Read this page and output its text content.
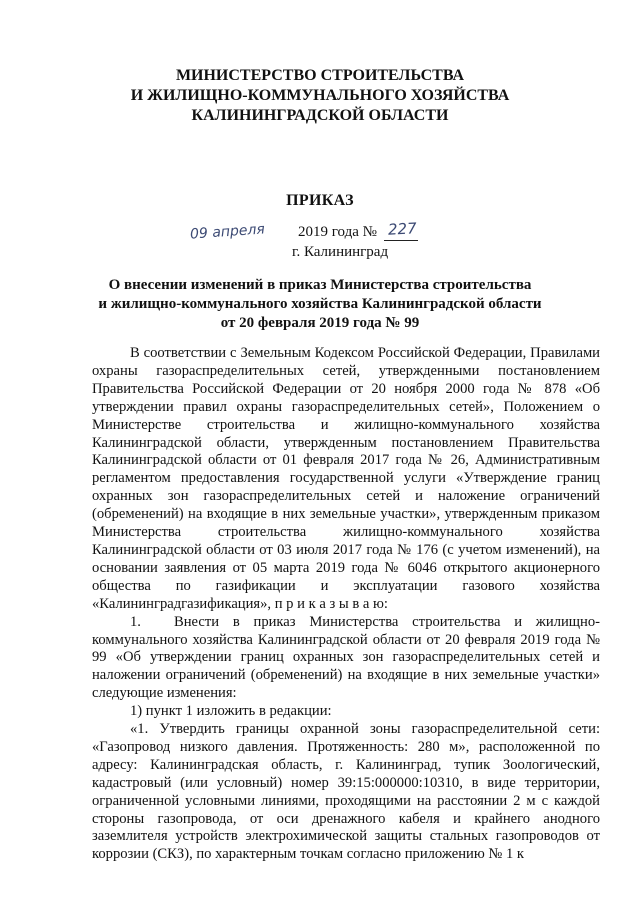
МИНИСТЕРСТВО СТРОИТЕЛЬСТВА
И ЖИЛИЩНО-КОММУНАЛЬНОГО ХОЗЯЙСТВА
КАЛИНИНГРАДСКОЙ ОБЛАСТИ
ПРИКАЗ
09 апреля 2019 года № 227
г. Калининград
О внесении изменений в приказ Министерства строительства
и жилищно-коммунального хозяйства Калининградской области
от 20 февраля 2019 года № 99

В соответствии с Земельным Кодексом Российской Федерации, Правилами охраны газораспределительных сетей, утвержденными постановлением Правительства Российской Федерации от 20 ноября 2000 года № 878 «Об утверждении правил охраны газораспределительных сетей», Положением о Министерстве строительства и жилищно-коммунального хозяйства Калининградской области, утвержденным постановлением Правительства Калининградской области от 01 февраля 2017 года № 26, Административным регламентом предоставления государственной услуги «Утверждение границ охранных зон газораспределительных сетей и наложение ограничений (обременений) на входящие в них земельные участки», утвержденным приказом Министерства строительства жилищно-коммунального хозяйства Калининградской области от 03 июля 2017 года № 176 (с учетом изменений), на основании заявления от 05 марта 2019 года № 6046 открытого акционерного общества по газификации и эксплуатации газового хозяйства «Калининградгазификация», п р и к а з ы в а ю:

1. Внести в приказ Министерства строительства и жилищно-коммунального хозяйства Калининградской области от 20 февраля 2019 года № 99 «Об утверждении границ охранных зон газораспределительных сетей и наложении ограничений (обременений) на входящие в них земельные участки» следующие изменения:

1) пункт 1 изложить в редакции:

«1. Утвердить границы охранной зоны газораспределительной сети: «Газопровод низкого давления. Протяженность: 280 м», расположенной по адресу: Калининградская область, г. Калининград, тупик Зоологический, кадастровый (или условный) номер 39:15:000000:10310, в виде территории, ограниченной условными линиями, проходящими на расстоянии 2 м с каждой стороны газопровода, от оси дренажного кабеля и крайнего анодного заземлителя устройств электрохимической защиты стальных газопроводов от коррозии (СКЗ), по характерным точкам согласно приложению № 1 к
